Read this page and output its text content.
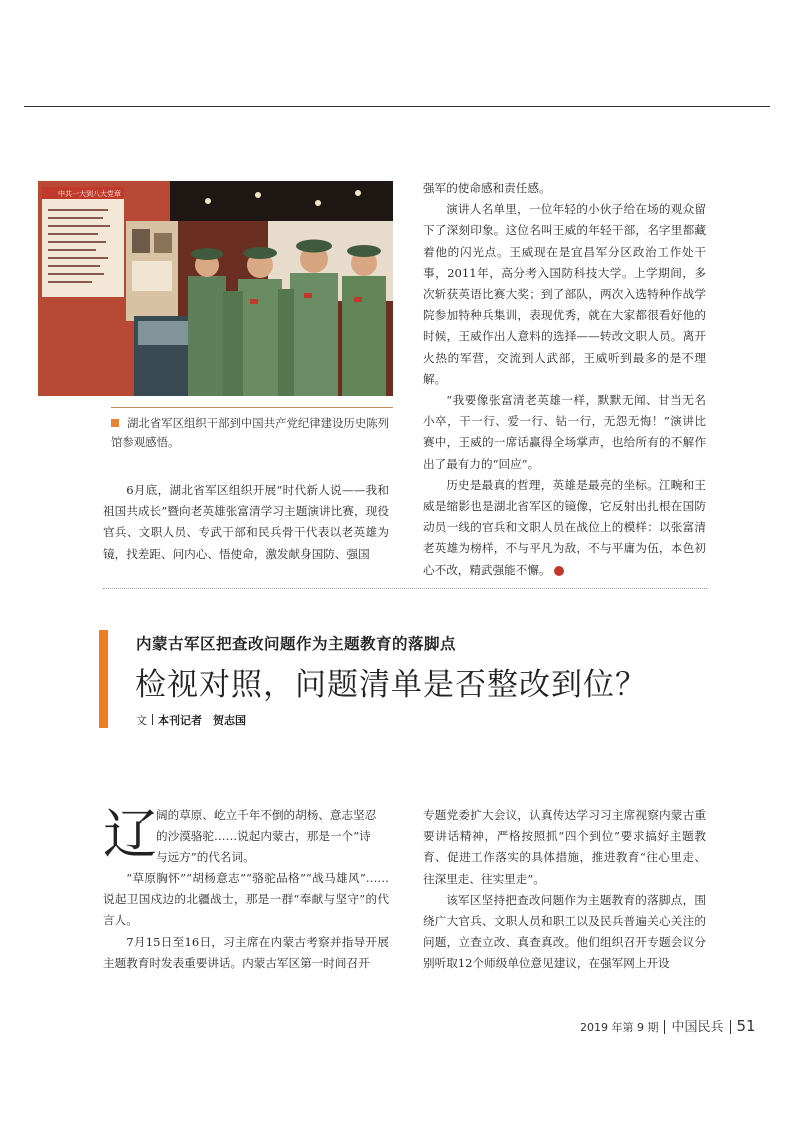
中共一大到八大党章
湖北省军区组织干部到中国共产党纪律建设历史陈列馆参观感悟。

6月底，湖北省军区组织开展“时代新人说——我和祖国共成长”暨向老英雄张富清学习主题演讲比赛，现役官兵、文职人员、专武干部和民兵骨干代表以老英雄为镜，找差距、问内心、悟使命，激发献身国防、强国

强军的使命感和责任感。

演讲人名单里，一位年轻的小伙子给在场的观众留下了深刻印象。这位名叫王威的年轻干部，名字里都藏着他的闪光点。王威现在是宜昌军分区政治工作处干事，2011年，高分考入国防科技大学。上学期间，多次斩获英语比赛大奖；到了部队，两次入选特种作战学院参加特种兵集训，表现优秀，就在大家都很看好他的时候，王威作出人意料的选择——转改文职人员。离开火热的军营，交流到人武部，王威听到最多的是不理解。

“我要像张富清老英雄一样，默默无闻、甘当无名小卒，干一行、爱一行、钻一行，无怨无悔！”演讲比赛中，王威的一席话赢得全场掌声，也给所有的不解作出了最有力的“回应”。

历史是最真的哲理，英雄是最亮的坐标。江畹和王威是缩影也是湖北省军区的镜像，它反射出扎根在国防动员一线的官兵和文职人员在战位上的模样：以张富清老英雄为榜样，不与平凡为敌，不与平庸为伍，本色初心不改，精武强能不懈。	兵

内蒙古军区把查改问题作为主题教育的落脚点
检视对照，问题清单是否整改到位？
文 本刊记者　贺志国
辽 阔的草原、屹立千年不倒的胡杨、意志坚忍

的沙漠骆驼……说起内蒙古，那是一个“诗

与远方”的代名词。

“草原胸怀”“胡杨意志”“骆驼品格”“战马雄风”……说起卫国戍边的北疆战士，那是一群“奉献与坚守”的代言人。

7月15日至16日，习主席在内蒙古考察并指导开展主题教育时发表重要讲话。内蒙古军区第一时间召开

专题党委扩大会议，认真传达学习习主席视察内蒙古重要讲话精神，严格按照抓“四个到位”要求搞好主题教育、促进工作落实的具体措施，推进教育“往心里走、往深里走、往实里走”。

该军区坚持把查改问题作为主题教育的落脚点，围绕广大官兵、文职人员和职工以及民兵普遍关心关注的问题，立查立改、真查真改。他们组织召开专题会议分别听取12个师级单位意见建议，在强军网上开设

2019 年第 9 期 中国民兵 51
